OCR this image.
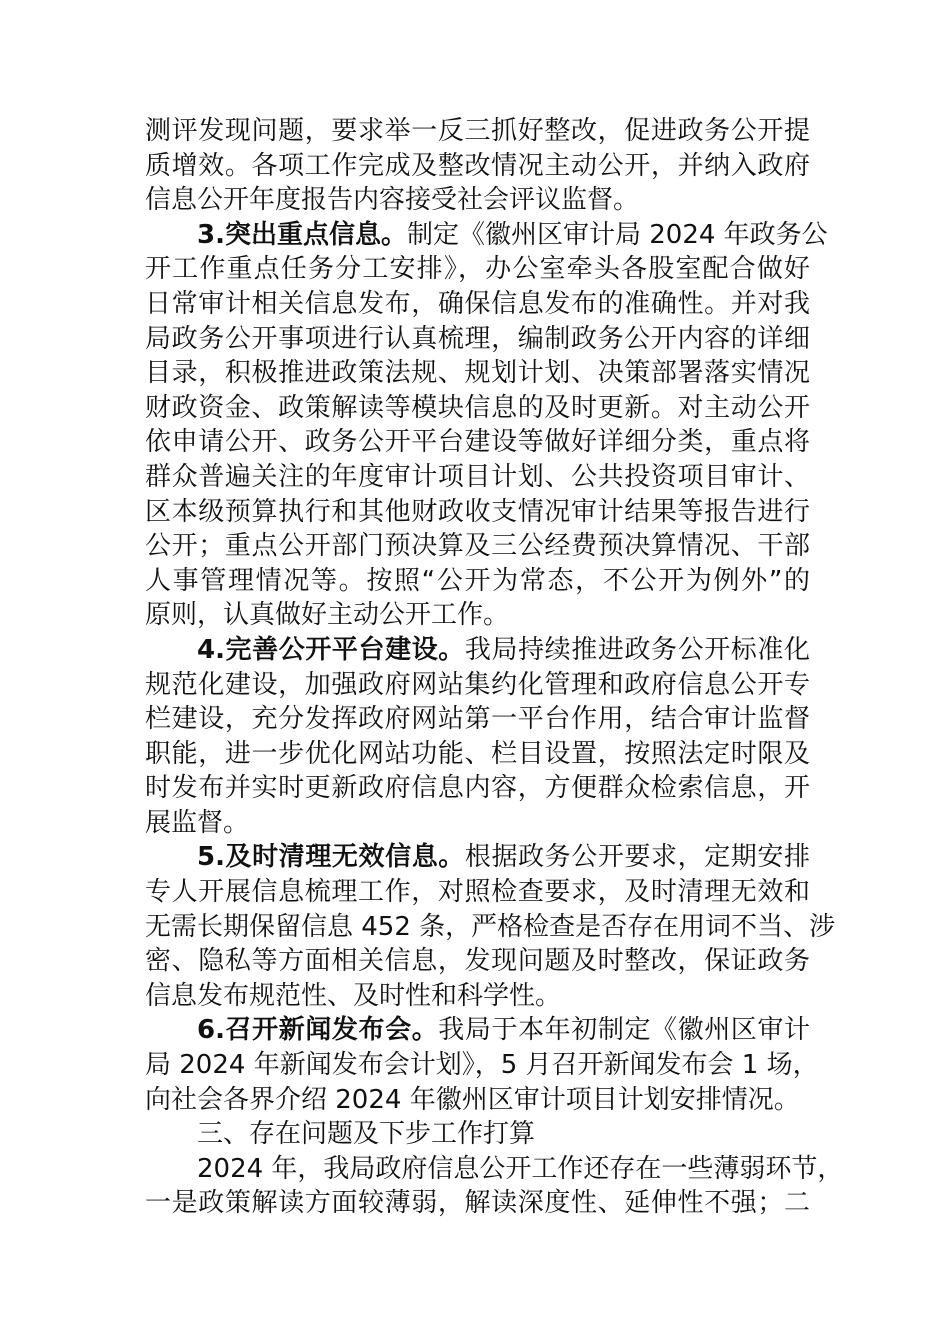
测评发现问题，要求举一反三抓好整改，促进政务公开提
质增效。各项工作完成及整改情况主动公开，并纳入政府
信息公开年度报告内容接受社会评议监督。
3.突出重点信息。制定《徽州区审计局 2024 年政务公
开工作重点任务分工安排》，办公室牵头各股室配合做好
日常审计相关信息发布，确保信息发布的准确性。并对我
局政务公开事项进行认真梳理，编制政务公开内容的详细
目录，积极推进政策法规、规划计划、决策部署落实情况
财政资金、政策解读等模块信息的及时更新。对主动公开
依申请公开、政务公开平台建设等做好详细分类，重点将
群众普遍关注的年度审计项目计划、公共投资项目审计、
区本级预算执行和其他财政收支情况审计结果等报告进行
公开；重点公开部门预决算及三公经费预决算情况、干部
人事管理情况等。按照“公开为常态，不公开为例外”的
原则，认真做好主动公开工作。
4.完善公开平台建设。我局持续推进政务公开标准化
规范化建设，加强政府网站集约化管理和政府信息公开专
栏建设，充分发挥政府网站第一平台作用，结合审计监督
职能，进一步优化网站功能、栏目设置，按照法定时限及
时发布并实时更新政府信息内容，方便群众检索信息，开
展监督。
5.及时清理无效信息。根据政务公开要求，定期安排
专人开展信息梳理工作，对照检查要求，及时清理无效和
无需长期保留信息 452 条，严格检查是否存在用词不当、涉
密、隐私等方面相关信息，发现问题及时整改，保证政务
信息发布规范性、及时性和科学性。
6.召开新闻发布会。我局于本年初制定《徽州区审计
局 2024 年新闻发布会计划》，5 月召开新闻发布会 1 场，
向社会各界介绍 2024 年徽州区审计项目计划安排情况。
三、存在问题及下步工作打算
2024 年，我局政府信息公开工作还存在一些薄弱环节，
一是政策解读方面较薄弱，解读深度性、延伸性不强；二
